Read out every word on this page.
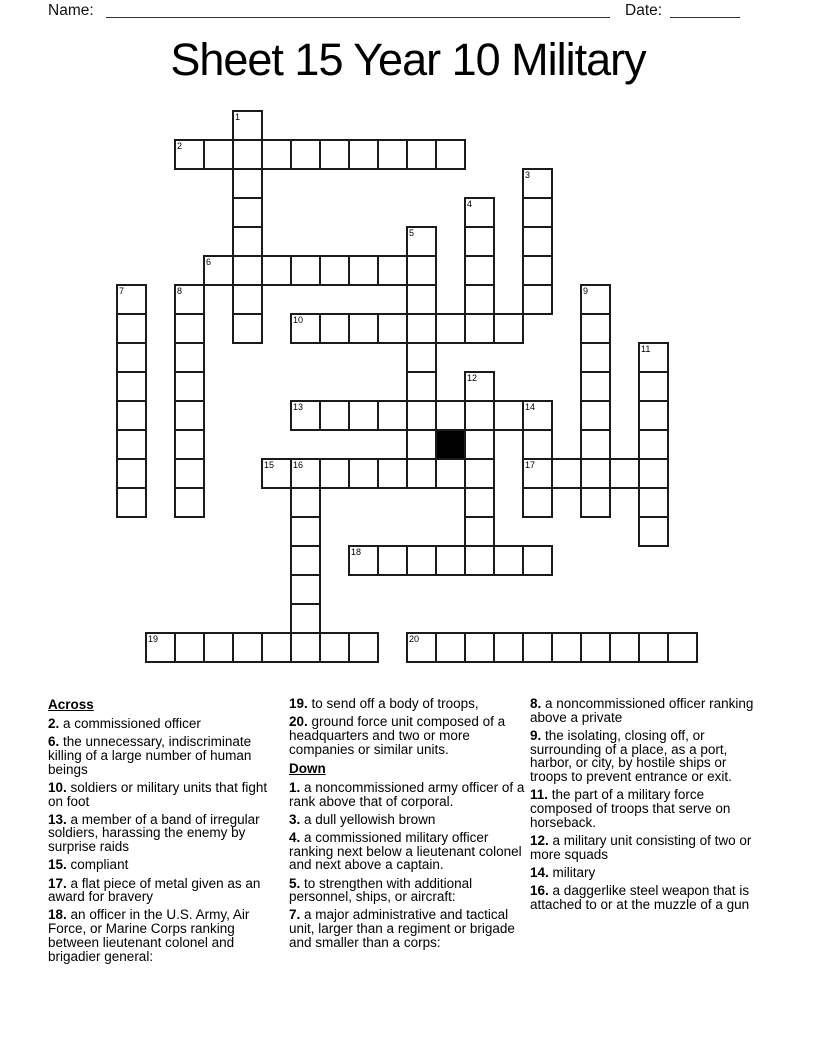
Name:	Date:
Sheet 15 Year 10 Military
1
2
3
4
5
6
7	8	9
10
11
12
13	14
17
15 16
18
19	20
Across

2. a commissioned officer

6. the unnecessary, indiscriminate killing of a large number of human beings

10. soldiers or military units that fight on foot

13. a member of a band of irregular soldiers, harassing the enemy by surprise raids

15. compliant

17. a flat piece of metal given as an award for bravery

18. an officer in the U.S. Army, Air Force, or Marine Corps ranking between lieutenant colonel and brigadier general:

19. to send off a body of troops,

20. ground force unit composed of a headquarters and two or more companies or similar units.

Down

1. a noncommissioned army officer of a rank above that of corporal.

3. a dull yellowish brown

4. a commissioned military officer ranking next below a lieutenant colonel and next above a captain.

5. to strengthen with additional personnel, ships, or aircraft:

7. a major administrative and tactical unit, larger than a regiment or brigade and smaller than a corps:

8. a noncommissioned officer ranking above a private

9. the isolating, closing off, or surrounding of a place, as a port, harbor, or city, by hostile ships or troops to prevent entrance or exit.

11. the part of a military force composed of troops that serve on horseback.

12. a military unit consisting of two or more squads

14. military

16. a daggerlike steel weapon that is attached to or at the muzzle of a gun
